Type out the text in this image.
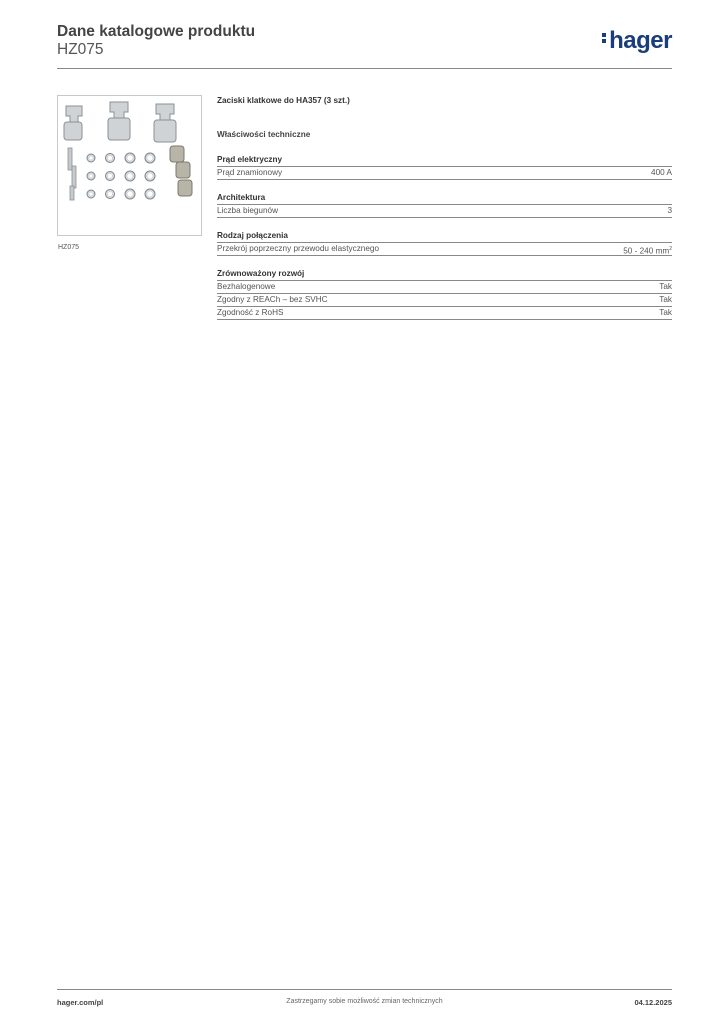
Dane katalogowe produktu

HZ075	hager
HZ075
Zaciski klatkowe do HA357 (3 szt.)
Właściwości techniczne
Prąd elektryczny
Prąd znamionowy	400 A
Architektura
Liczba biegunów	3
Rodzaj połączenia
Przekrój poprzeczny przewodu elastycznego	50 - 240 $mm^2$
Zrównoważony rozwój
Bezhalogenowe	Tak
Zgodny z REACh – bez SVHC	Tak
Zgodność z RoHS	Tak
hager.com/pl	Zastrzegamy sobie możliwość zmian technicznych	04.12.2025
